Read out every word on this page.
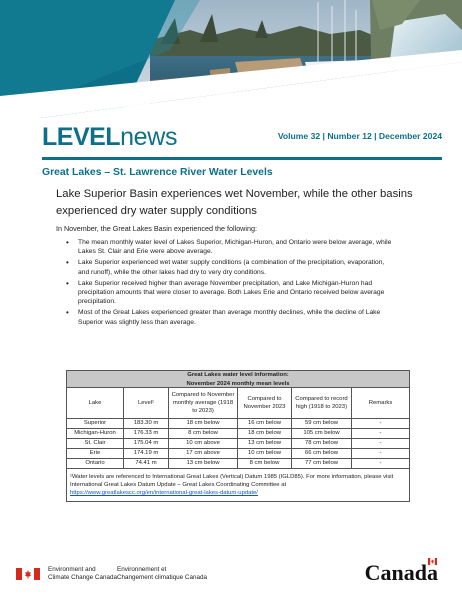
LEVELnews	Volume 32 | Number 12 | December 2024
Great Lakes – St. Lawrence River Water Levels
Lake Superior Basin experiences wet November, while the other basins experienced dry water supply conditions
In November, the Great Lakes Basin experienced the following:
• The mean monthly water level of Lakes Superior, Michigan-Huron, and Ontario were below average, while Lakes St. Clair and Erie were above average.
• Lake Superior experienced wet water supply conditions (a combination of the precipitation, evaporation, and runoff), while the other lakes had dry to very dry conditions.
• Lake Superior received higher than average November precipitation, and Lake Michigan-Huron had precipitation amounts that were closer to average. Both Lakes Erie and Ontario received below average precipitation.
• Most of the Great Lakes experienced greater than average monthly declines, while the decline of Lake Superior was slightly less than average.
Great Lakes water level information:
November 2024 monthly mean levels					

Lake	Level¹	Compared to November monthly average (1918 to 2023)	Compared to November 2023	Compared to record high (1918 to 2023)	Remarks
Superior	183.30 m	18 cm below	16 cm below	59 cm below	-
Michigan-Huron	176.33 m	8 cm below	18 cm below	105 cm below	-
St. Clair	175.04 m	10 cm above	13 cm below	78 cm below	-
Erie	174.19 m	17 cm above	10 cm below	66 cm below	-
Ontario	74.41 m	13 cm below	8 cm below	77 cm below	-
¹Water levels are referenced to International Great Lakes (Vertical) Datum 1985 (IGLD85). For more information, please visit International Great Lakes Datum Update – Great Lakes Coordinating Committee at
https://www.greatlakescc.org/en/international-great-lakes-datum-update/					
Environment and
Climate Change Canada
Environnement et
Changement climatique Canada	Canada
